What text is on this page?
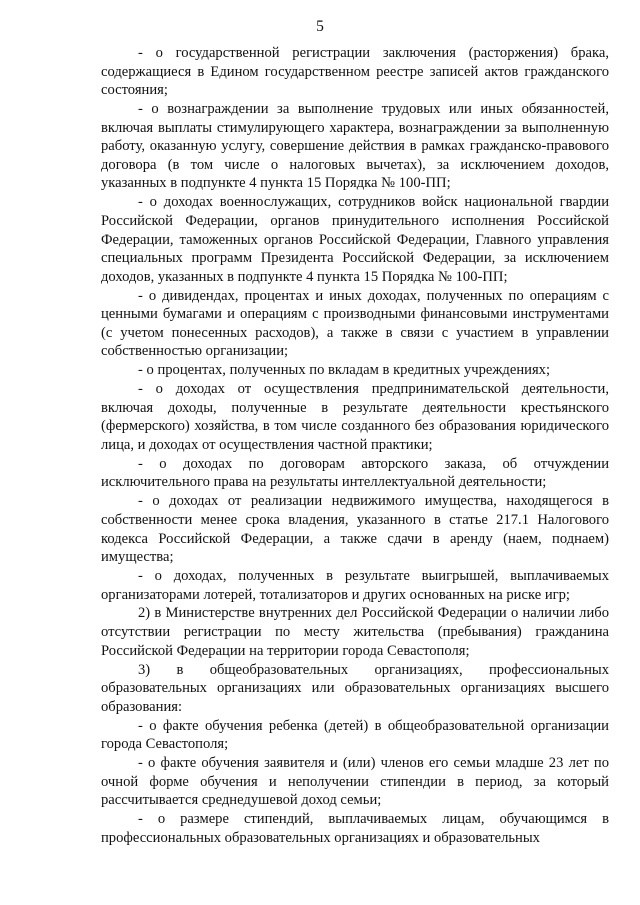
5

- о государственной регистрации заключения (расторжения) брака, содержащиеся в Едином государственном реестре записей актов гражданского состояния;

- о вознаграждении за выполнение трудовых или иных обязанностей, включая выплаты стимулирующего характера, вознаграждении за выполненную работу, оказанную услугу, совершение действия в рамках гражданско-правового договора (в том числе о налоговых вычетах), за исключением доходов, указанных в подпункте 4 пункта 15 Порядка № 100-ПП;

- о доходах военнослужащих, сотрудников войск национальной гвардии Российской Федерации, органов принудительного исполнения Российской Федерации, таможенных органов Российской Федерации, Главного управления специальных программ Президента Российской Федерации, за исключением доходов, указанных в подпункте 4 пункта 15 Порядка № 100-ПП;

- о дивидендах, процентах и иных доходах, полученных по операциям с ценными бумагами и операциям с производными финансовыми инструментами (с учетом понесенных расходов), а также в связи с участием в управлении собственностью организации;

- о процентах, полученных по вкладам в кредитных учреждениях;

- о доходах от осуществления предпринимательской деятельности, включая доходы, полученные в результате деятельности крестьянского (фермерского) хозяйства, в том числе созданного без образования юридического лица, и доходах от осуществления частной практики;

- о доходах по договорам авторского заказа, об отчуждении исключительного права на результаты интеллектуальной деятельности;

- о доходах от реализации недвижимого имущества, находящегося в собственности менее срока владения, указанного в статье 217.1 Налогового кодекса Российской Федерации, а также сдачи в аренду (наем, поднаем) имущества;

- о доходах, полученных в результате выигрышей, выплачиваемых организаторами лотерей, тотализаторов и других основанных на риске игр;

2) в Министерстве внутренних дел Российской Федерации о наличии либо отсутствии регистрации по месту жительства (пребывания) гражданина Российской Федерации на территории города Севастополя;

3) в общеобразовательных организациях, профессиональных образовательных организациях или образовательных организациях высшего образования:

- о факте обучения ребенка (детей) в общеобразовательной организации города Севастополя;

- о факте обучения заявителя и (или) членов его семьи младше 23 лет по очной форме обучения и неполучении стипендии в период, за который рассчитывается среднедушевой доход семьи;

- о размере стипендий, выплачиваемых лицам, обучающимся в профессиональных образовательных организациях и образовательных
